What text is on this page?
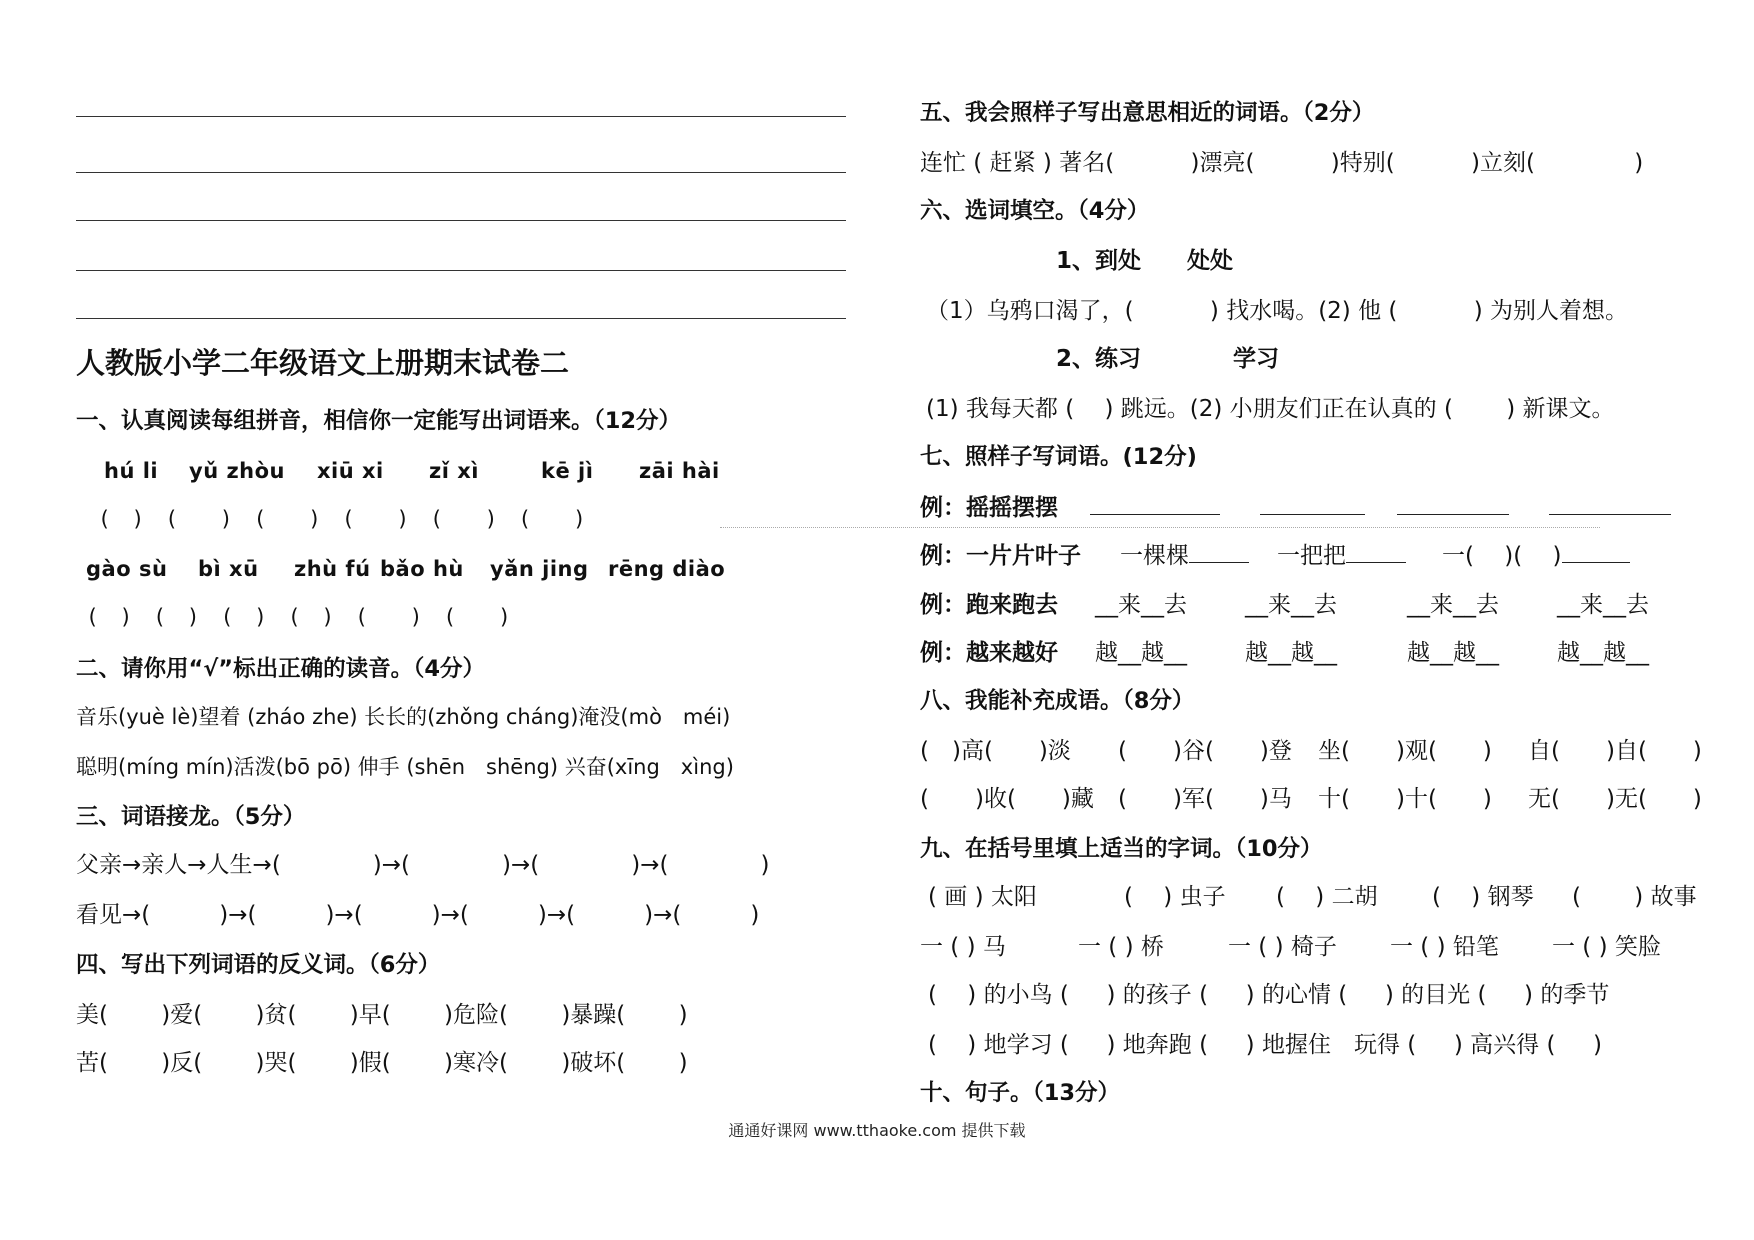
人教版小学二年级语文上册期末试卷二
一、认真阅读每组拼音，相信你一定能写出词语来。（12分）
hú li yǔ zhòu xiū xi zǐ xì	kē jì zāi hài
(　)　(　　)　(　　)　(　　)　(　　)　(　　)
gào sù bì xū zhù fú bǎo hù yǎn jing rēng diào
(　)　(　)　(　)　(　)　(　　)　(　　)
二、请你用“√”标出正确的读音。（4分）
音乐(yuè lè)望着 (zháo zhe) 长长的(zhǒng cháng)淹没(mò　méi)
聪明(míng mín)活泼(bō pō) 伸手 (shēn　shēng) 兴奋(xīng　xìng)
三、词语接龙。（5分）
父亲→亲人→人生→(　　　　)→(　　　　)→(　　　　)→(　　　　)
看见→(　　　)→(　　　)→(　　　)→(　　　)→(　　　)→(　　　)
四、写出下列词语的反义词。（6分）
美(　　 )爱(　　 )贫(　　 )早(　　 )危险(　　 )暴躁(　　 )
苦(　　 )反(　　 )哭(　　 )假(　　 )寒冷(　　 )破坏(　　 )
五、我会照样子写出意思相近的词语。（2分）
连忙 ( 赶紧 ) 著名(　　　 )漂亮(　　　 )特别(　　　 )立刻(　　　　 )
六、选词填空。（4分）
1、到处　　处处
（1）乌鸦口渴了，(　　　 ) 找水喝。(2) 他 (　　　 ) 为别人着想。
2、练习　　　　学习
(1) 我每天都 (　 ) 跳远。(2) 小朋友们正在认真的 (　　 ) 新课文。
七、照样子写词语。(12分)
例：摇摇摆摆
例：一片片叶子 一棵棵	一把把	一(　 )(　 )
例：跑来跑去 __来__去	__来__去	__来__去	__来__去
例：越来越好 越__越__	越__越__	越__越__	越__越__
八、我能补充成语。（8分）
(　)高(　　)淡 (　　)谷(　　)登 坐(　　)观(　　) 自(　　)自(　　)
(　　)收(　　)藏 (　　)军(　　)马 十(　　)十(　　) 无(　　)无(　　)
九、在括号里填上适当的字词。（10分）
( 画 ) 太阳	( 　) 虫子 ( 　) 二胡 ( 　) 钢琴 ( 　　) 故事
一 ( ) 马	一 ( ) 桥	一 ( ) 椅子 一 ( ) 铅笔 一 ( ) 笑脸
( 　) 的小鸟 ( 　 ) 的孩子 ( 　 ) 的心情 ( 　 ) 的目光 ( 　 ) 的季节
( 　) 地学习 ( 　 ) 地奔跑 ( 　 ) 地握住　玩得 ( 　 ) 高兴得 ( 　 )
十、句子。（13分）
通通好课网 www.tthaoke.com 提供下载
